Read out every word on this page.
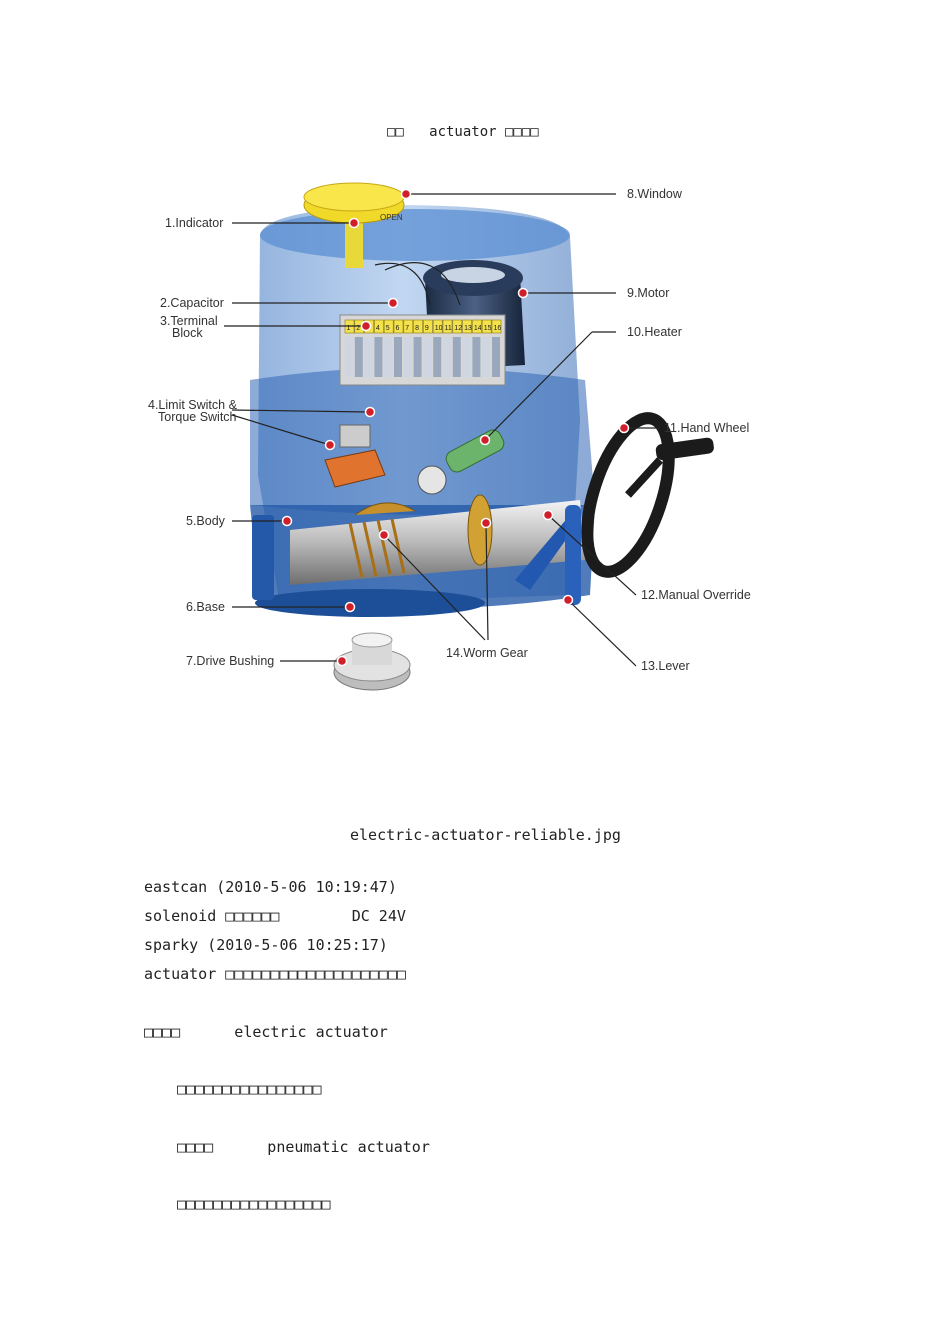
□□   actuator □□□□
OPEN
1 2 4 5 6 7 8 9 10 11 12 13 14 15 16
1.Indicator
2.Capacitor
3.Terminal
Block
4.Limit Switch &
Torque Switch
5.Body
6.Base
7.Drive Bushing
8.Window
9.Motor
10.Heater
11.Hand Wheel
12.Manual Override
13.Lever
14.Worm Gear
electric-actuator-reliable.jpg
eastcan (2010-5-06 10:19:47)
solenoid □□□□□□        DC 24V
sparky (2010-5-06 10:25:17)
actuator □□□□□□□□□□□□□□□□□□□□
□□□□      electric actuator
□□□□□□□□□□□□□□□□
□□□□      pneumatic actuator
□□□□□□□□□□□□□□□□□
